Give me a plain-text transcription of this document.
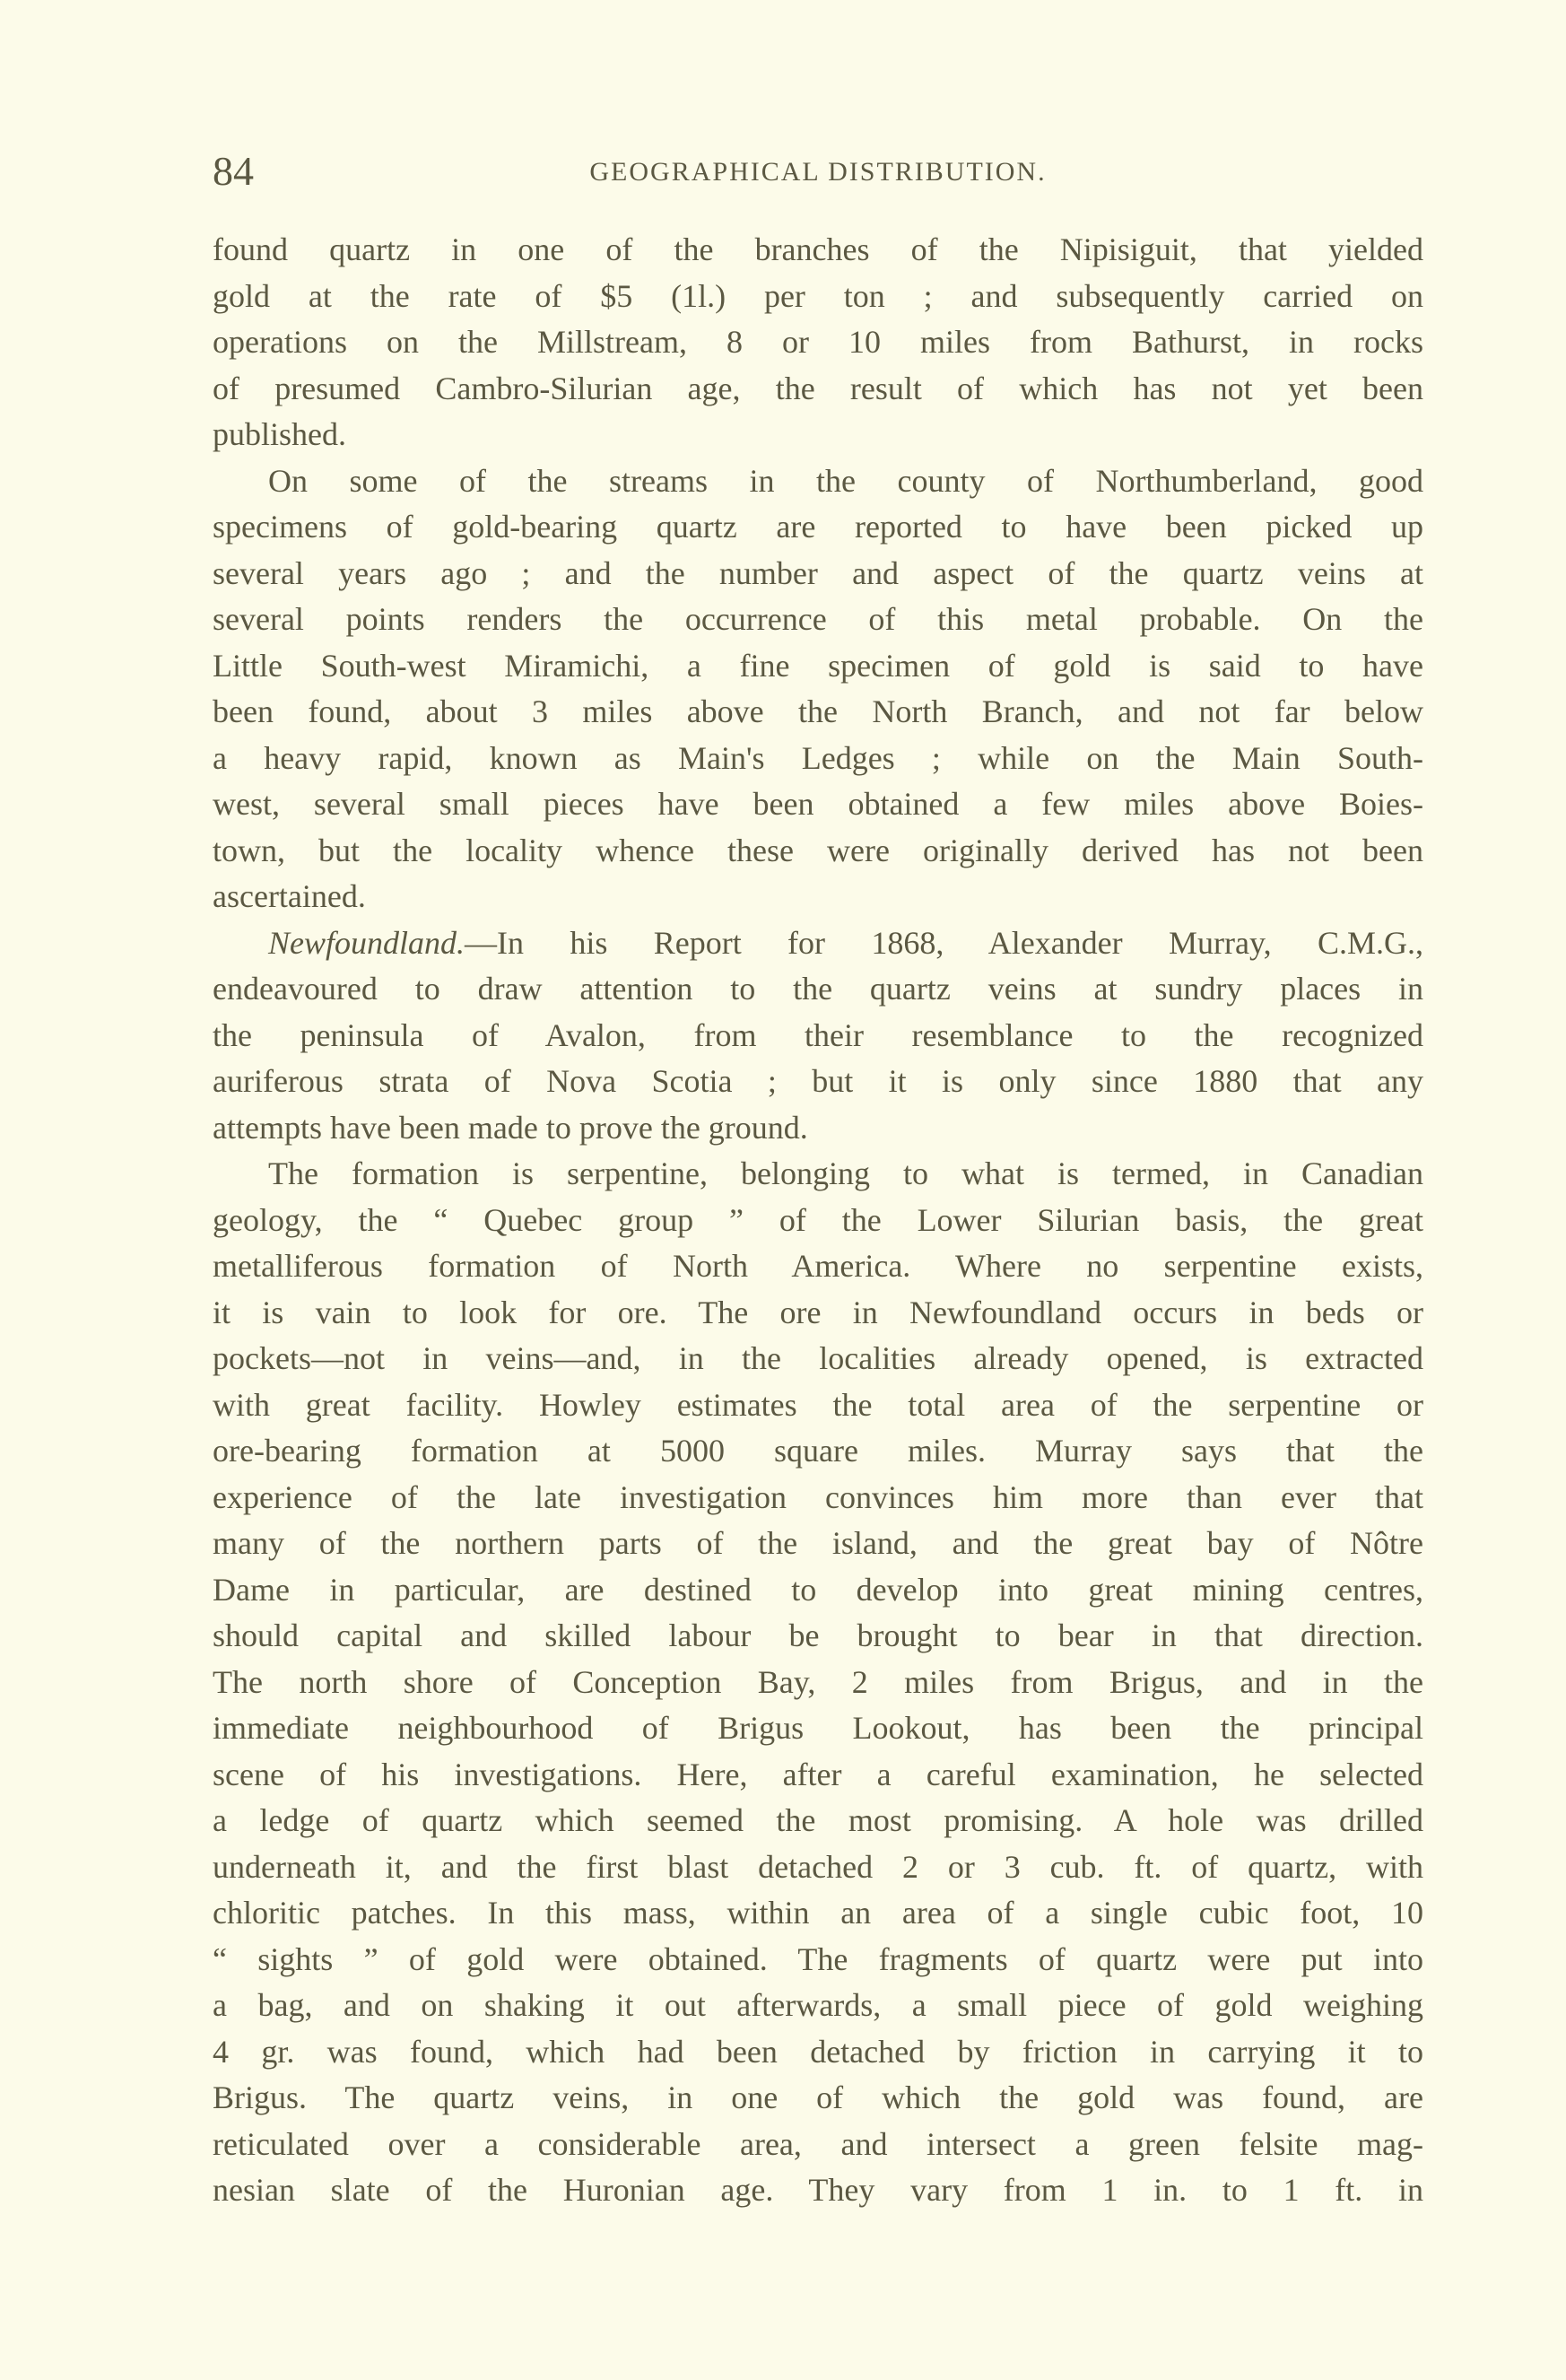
84	GEOGRAPHICAL DISTRIBUTION.
found quartz in one of the branches of the Nipisiguit, that yielded
gold at the rate of $5 (1l.) per ton ; and subsequently carried on
operations on the Millstream, 8 or 10 miles from Bathurst, in rocks
of presumed Cambro-Silurian age, the result of which has not yet been
published.
On some of the streams in the county of Northumberland, good
specimens of gold-bearing quartz are reported to have been picked up
several years ago ; and the number and aspect of the quartz veins at
several points renders the occurrence of this metal probable. On the
Little South-west Miramichi, a fine specimen of gold is said to have
been found, about 3 miles above the North Branch, and not far below
a heavy rapid, known as Main's Ledges ; while on the Main South-
west, several small pieces have been obtained a few miles above Boies-
town, but the locality whence these were originally derived has not been
ascertained.
Newfoundland.—In his Report for 1868, Alexander Murray, C.M.G.,
endeavoured to draw attention to the quartz veins at sundry places in
the peninsula of Avalon, from their resemblance to the recognized
auriferous strata of Nova Scotia ; but it is only since 1880 that any
attempts have been made to prove the ground.
The formation is serpentine, belonging to what is termed, in Canadian
geology, the “ Quebec group ” of the Lower Silurian basis, the great
metalliferous formation of North America. Where no serpentine exists,
it is vain to look for ore. The ore in Newfoundland occurs in beds or
pockets—not in veins—and, in the localities already opened, is extracted
with great facility. Howley estimates the total area of the serpentine or
ore-bearing formation at 5000 square miles. Murray says that the
experience of the late investigation convinces him more than ever that
many of the northern parts of the island, and the great bay of Nôtre
Dame in particular, are destined to develop into great mining centres,
should capital and skilled labour be brought to bear in that direction.
The north shore of Conception Bay, 2 miles from Brigus, and in the
immediate neighbourhood of Brigus Lookout, has been the principal
scene of his investigations. Here, after a careful examination, he selected
a ledge of quartz which seemed the most promising. A hole was drilled
underneath it, and the first blast detached 2 or 3 cub. ft. of quartz, with
chloritic patches. In this mass, within an area of a single cubic foot, 10
“ sights ” of gold were obtained. The fragments of quartz were put into
a bag, and on shaking it out afterwards, a small piece of gold weighing
4 gr. was found, which had been detached by friction in carrying it to
Brigus. The quartz veins, in one of which the gold was found, are
reticulated over a considerable area, and intersect a green felsite mag-
nesian slate of the Huronian age. They vary from 1 in. to 1 ft. in
